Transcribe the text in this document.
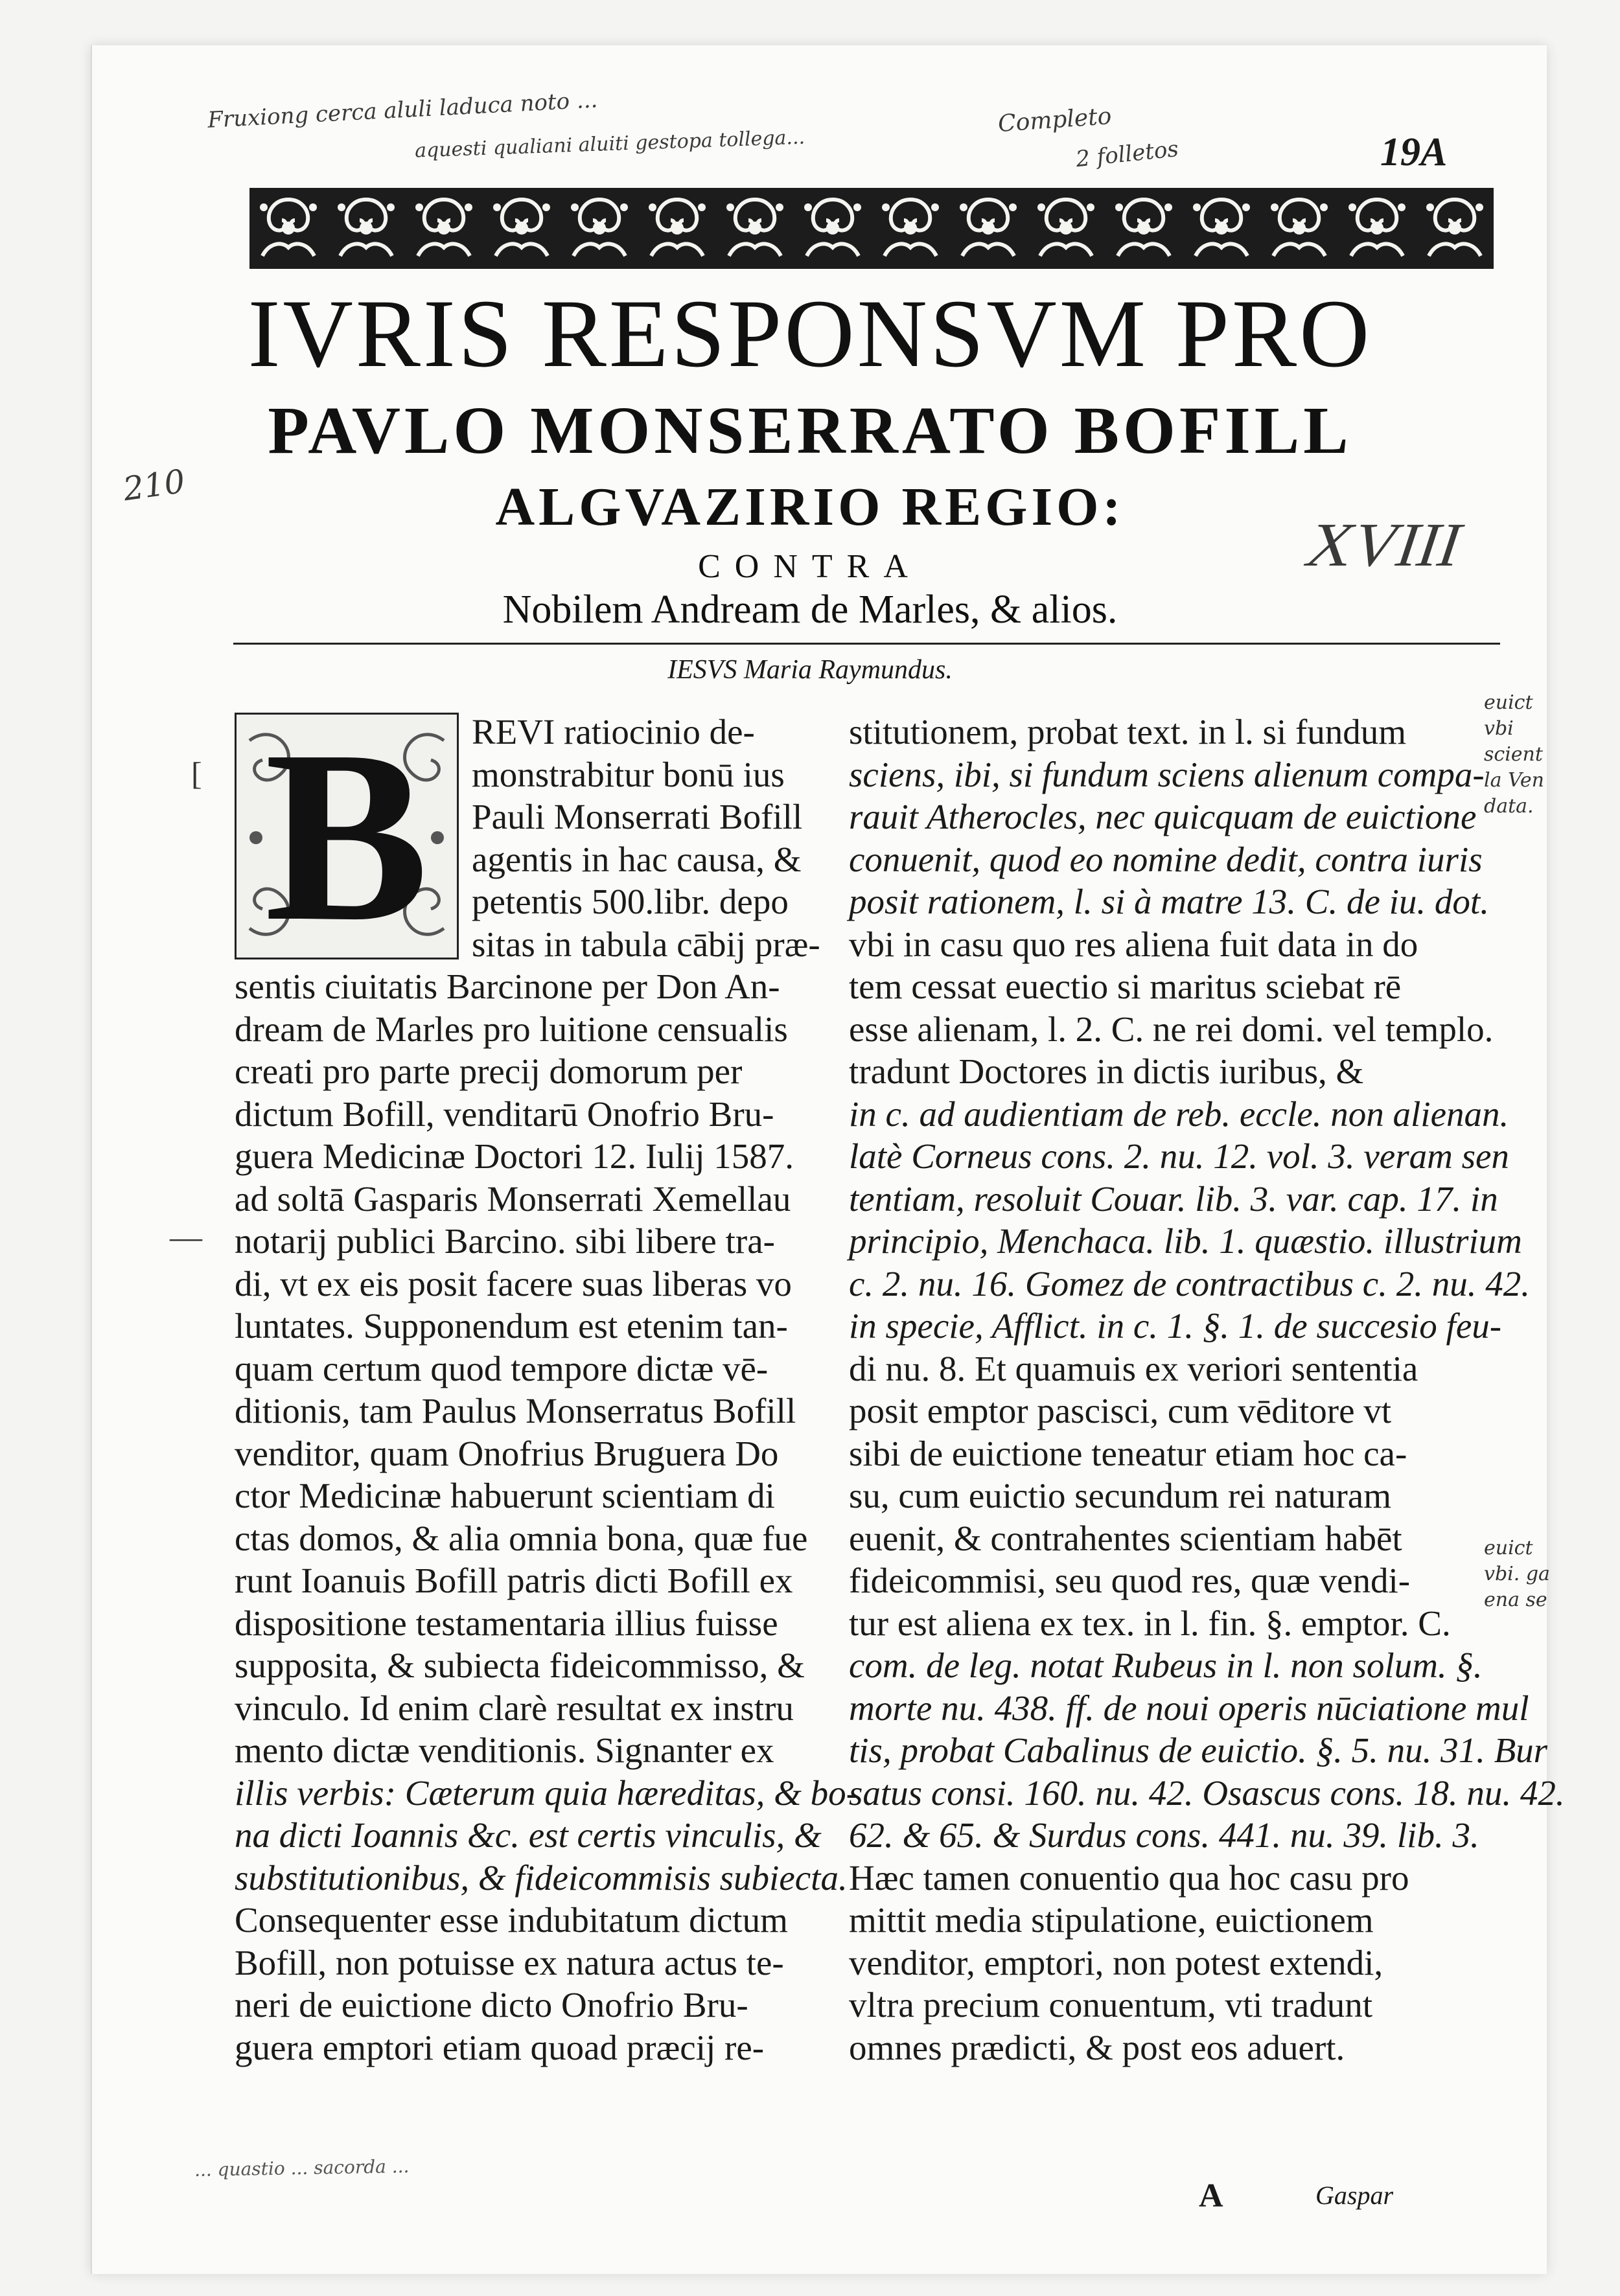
Fruxiong cerca aluli laduca noto ...
aquesti qualiani aluiti gestopa tollega...
Completo
2 folletos	19A
210
XVIII
... quastio ... sacorda ...
euict
vbi
scient
la Ven
data.
euict
vbi. ga
ena se
IVRIS RESPONSVM PRO
PAVLO MONSERRATO BOFILL
ALGVAZIRIO REGIO:
CONTRA
Nobilem Andream de Marles, & alios.
IESVS Maria Raymundus.
B	REVI ratiocinio de-
monstrabitur bonū ius
Pauli Monserrati Bofill
agentis in hac causa, &
petentis 500.libr. depo
sitas in tabula cābij præ-
sentis ciuitatis Barcinone per Don An-
dream de Marles pro luitione censualis
creati pro parte precij domorum per
dictum Bofill, venditarū Onofrio Bru-
guera Medicinæ Doctori 12. Iulij 1587.
ad soltā Gasparis Monserrati Xemellau
notarij publici Barcino. sibi libere tra-
di, vt ex eis posit facere suas liberas vo
luntates. Supponendum est etenim tan-
quam certum quod tempore dictæ vē-
ditionis, tam Paulus Monserratus Bofill
venditor, quam Onofrius Bruguera Do
ctor Medicinæ habuerunt scientiam di
ctas domos, & alia omnia bona, quæ fue
runt Ioanuis Bofill patris dicti Bofill ex
dispositione testamentaria illius fuisse
supposita, & subiecta fideicommisso, &
vinculo. Id enim clarè resultat ex instru
mento dictæ venditionis. Signanter ex
illis verbis: Cæterum quia hæreditas, & bo-
na dicti Ioannis &c. est certis vinculis, &
substitutionibus, & fideicommisis subiecta.
Consequenter esse indubitatum dictum
Bofill, non potuisse ex natura actus te-
neri de euictione dicto Onofrio Bru-
guera emptori etiam quoad præcij re-
stitutionem, probat text. in l. si fundum
sciens, ibi, si fundum sciens alienum compa-
rauit Atherocles, nec quicquam de euictione
conuenit, quod eo nomine dedit, contra iuris
posit rationem, l. si à matre 13. C. de iu. dot.
vbi in casu quo res aliena fuit data in do
tem cessat euectio si maritus sciebat rē
esse alienam, l. 2. C. ne rei domi. vel templo.
tradunt Doctores in dictis iuribus, &
in c. ad audientiam de reb. eccle. non alienan.
latè Corneus cons. 2. nu. 12. vol. 3. veram sen
tentiam, resoluit Couar. lib. 3. var. cap. 17. in
principio, Menchaca. lib. 1. quæstio. illustrium
c. 2. nu. 16. Gomez de contractibus c. 2. nu. 42.
in specie, Afflict. in c. 1. §. 1. de succesio feu-
di nu. 8. Et quamuis ex veriori sententia
posit emptor pascisci, cum vēditore vt
sibi de euictione teneatur etiam hoc ca-
su, cum euictio secundum rei naturam
euenit, & contrahentes scientiam habēt
fideicommisi, seu quod res, quæ vendi-
tur est aliena ex tex. in l. fin. §. emptor. C.
com. de leg. notat Rubeus in l. non solum. §.
morte nu. 438. ff. de noui operis nūciatione mul
tis, probat Cabalinus de euictio. §. 5. nu. 31. Bur
satus consi. 160. nu. 42. Osascus cons. 18. nu. 42.
62. & 65. & Surdus cons. 441. nu. 39. lib. 3.
Hæc tamen conuentio qua hoc casu pro
mittit media stipulatione, euictionem
venditor, emptori, non potest extendi,
vltra precium conuentum, vti tradunt
omnes prædicti, & post eos aduert.
[
—
A	Gaspar
